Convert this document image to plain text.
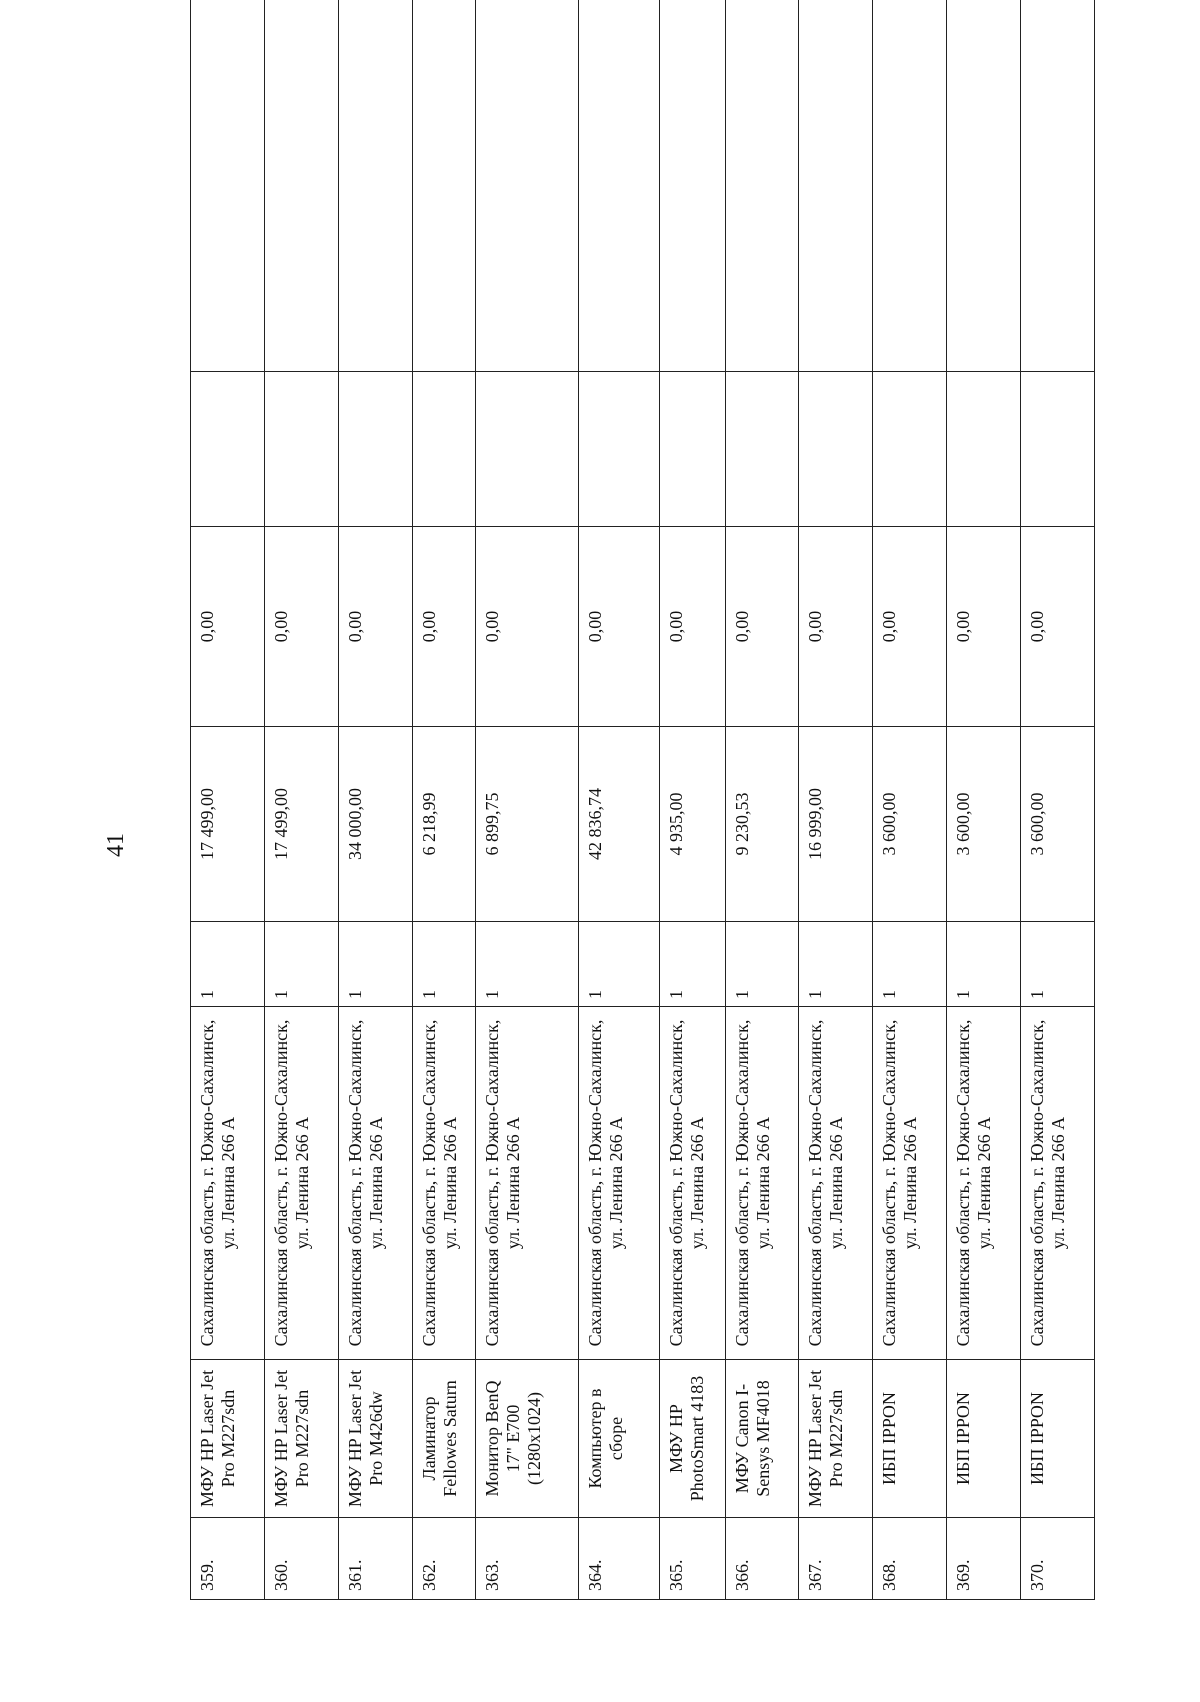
41
359.	МФУ HP Laser Jet Pro M227sdn	Сахалинская область, г. Южно-Сахалинск, ул. Ленина 266 А	1	17 499,00	0,00		
360.	МФУ HP Laser Jet Pro M227sdn	Сахалинская область, г. Южно-Сахалинск, ул. Ленина 266 А	1	17 499,00	0,00		
361.	МФУ HP Laser Jet Pro M426dw	Сахалинская область, г. Южно-Сахалинск, ул. Ленина 266 А	1	34 000,00	0,00		
362.	Ламинатор Fellowes Saturn	Сахалинская область, г. Южно-Сахалинск, ул. Ленина 266 А	1	6 218,99	0,00		
363.	Монитор BenQ 17" E700 (1280x1024)	Сахалинская область, г. Южно-Сахалинск, ул. Ленина 266 А	1	6 899,75	0,00		
364.	Компьютер в сборе	Сахалинская область, г. Южно-Сахалинск, ул. Ленина 266 А	1	42 836,74	0,00		
365.	МФУ HP PhotoSmart 4183	Сахалинская область, г. Южно-Сахалинск, ул. Ленина 266 А	1	4 935,00	0,00		
366.	МФУ Canon I-Sensys MF4018	Сахалинская область, г. Южно-Сахалинск, ул. Ленина 266 А	1	9 230,53	0,00		
367.	МФУ HP Laser Jet Pro M227sdn	Сахалинская область, г. Южно-Сахалинск, ул. Ленина 266 А	1	16 999,00	0,00		
368.	ИБП IPPON	Сахалинская область, г. Южно-Сахалинск, ул. Ленина 266 А	1	3 600,00	0,00		
369.	ИБП IPPON	Сахалинская область, г. Южно-Сахалинск, ул. Ленина 266 А	1	3 600,00	0,00		
370.	ИБП IPPON	Сахалинская область, г. Южно-Сахалинск, ул. Ленина 266 А	1	3 600,00	0,00		
